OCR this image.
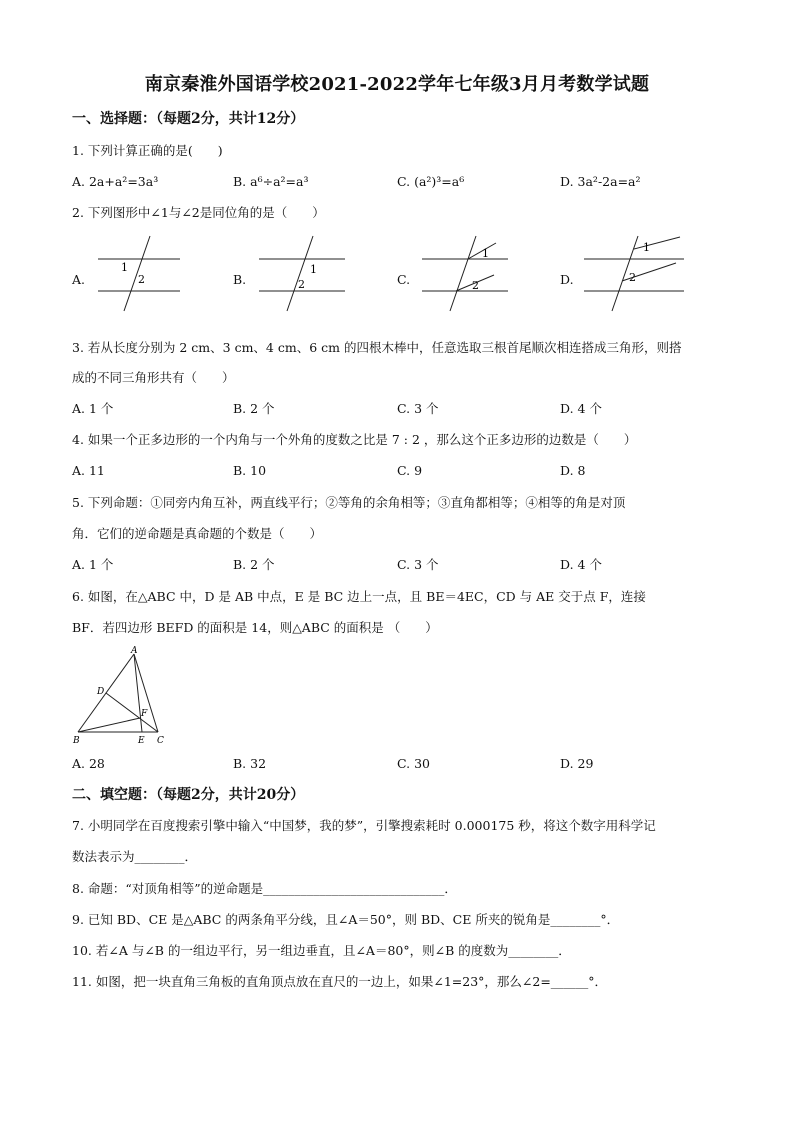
南京秦淮外国语学校2021-2022学年七年级3月月考数学试题
一、选择题：（每题2分，共计12分）
1. 下列计算正确的是(　　)
A. 2a+a²=3a³	B. a⁶÷a²=a³	C. (a²)³=a⁶	D. 3a²-2a=a²
2. 下列图形中∠1与∠2是同位角的是（　　）
A.
1
2	B.
1
2	C.
1
2	D.
1
2
3. 若从长度分别为 2 cm、3 cm、4 cm、6 cm 的四根木棒中，任意选取三根首尾顺次相连搭成三角形，则搭
成的不同三角形共有（　　）
A. 1 个	B. 2 个	C. 3 个	D. 4 个
4. 如果一个正多边形的一个内角与一个外角的度数之比是 7 : 2 ，那么这个正多边形的边数是（　　）
A. 11	B. 10	C. 9	D. 8
5. 下列命题：①同旁内角互补，两直线平行；②等角的余角相等；③直角都相等；④相等的角是对顶
角．它们的逆命题是真命题的个数是（　　）
A. 1 个	B. 2 个	C. 3 个	D. 4 个
6. 如图，在△ABC 中，D 是 AB 中点，E 是 BC 边上一点，且 BE＝4EC，CD 与 AE 交于点 F，连接
BF．若四边形 BEFD 的面积是 14，则△ABC 的面积是 （　　）
A
D
F
B	E C
A. 28	B. 32	C. 30	D. 29
二、填空题：（每题2分，共计20分）
7. 小明同学在百度搜索引擎中输入“中国梦，我的梦”，引擎搜索耗时 0.000175 秒，将这个数字用科学记
数法表示为________．
8. 命题：“对顶角相等”的逆命题是_____________________________．
9. 已知 BD、CE 是△ABC 的两条角平分线，且∠A＝50°，则 BD、CE 所夹的锐角是________°．
10. 若∠A 与∠B 的一组边平行，另一组边垂直，且∠A＝80°，则∠B 的度数为________．
11. 如图，把一块直角三角板的直角顶点放在直尺的一边上，如果∠1=23°，那么∠2=______°．
